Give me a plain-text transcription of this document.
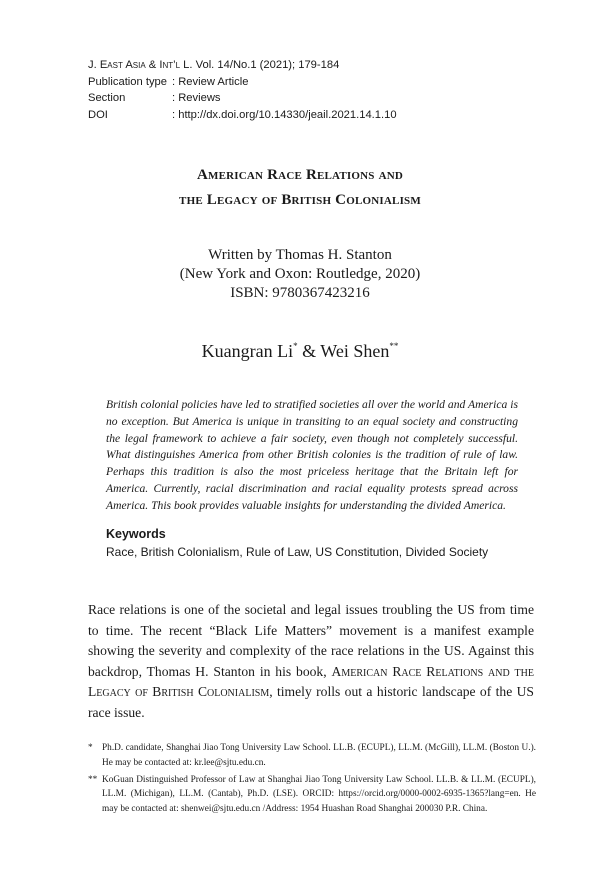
J. East Asia & Int’l L. Vol. 14/No.1 (2021); 179-184
Publication type : Review Article
Section	: Reviews
DOI	: http://dx.doi.org/10.14330/jeail.2021.14.1.10
American Race Relations and
the Legacy of British Colonialism
Written by Thomas H. Stanton
(New York and Oxon: Routledge, 2020)
ISBN: 9780367423216
Kuangran Li* & Wei Shen**
British colonial policies have led to stratified societies all over the world and America is no exception. But America is unique in transiting to an equal society and constructing the legal framework to achieve a fair society, even though not completely successful. What distinguishes America from other British colonies is the tradition of rule of law. Perhaps this tradition is also the most priceless heritage that the Britain left for America. Currently, racial discrimination and racial equality protests spread across America. This book provides valuable insights for understanding the divided America.
Keywords
Race, British Colonialism, Rule of Law, US Constitution, Divided Society
Race relations is one of the societal and legal issues troubling the US from time to time. The recent “Black Life Matters” movement is a manifest example showing the severity and complexity of the race relations in the US. Against this backdrop, Thomas H. Stanton in his book, American Race Relations and the Legacy of British Colonialism, timely rolls out a historic landscape of the US race issue.
* Ph.D. candidate, Shanghai Jiao Tong University Law School. LL.B. (ECUPL), LL.M. (McGill), LL.M. (Boston U.). He may be contacted at: kr.lee@sjtu.edu.cn.
** KoGuan Distinguished Professor of Law at Shanghai Jiao Tong University Law School. LL.B. & LL.M. (ECUPL), LL.M. (Michigan), LL.M. (Cantab), Ph.D. (LSE). ORCID: https://orcid.org/0000-0002-6935-1365?lang=en. He may be contacted at: shenwei@sjtu.edu.cn /Address: 1954 Huashan Road Shanghai 200030 P.R. China.
